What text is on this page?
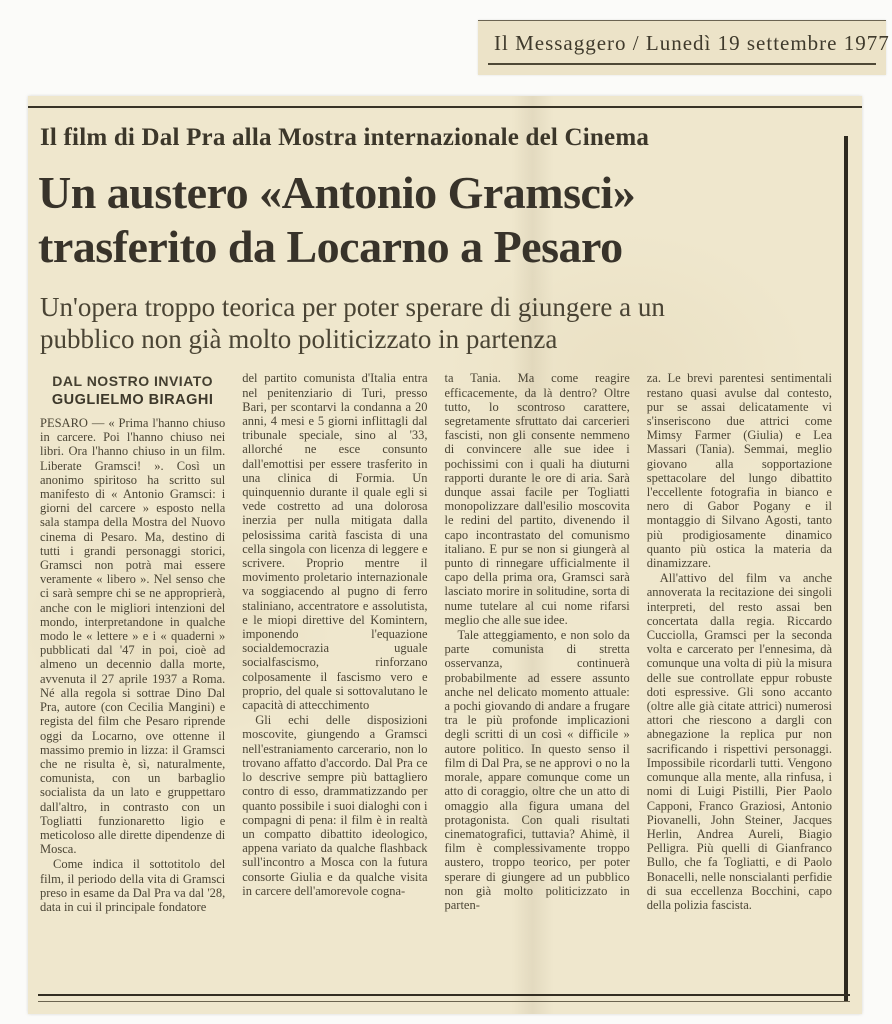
Il Messaggero / Lunedì 19 settembre 1977
Il film di Dal Pra alla Mostra internazionale del Cinema
Un austero «Antonio Gramsci»
trasferito da Locarno a Pesaro
Un'opera troppo teorica per poter sperare di giungere a un pubblico non già molto politicizzato in partenza
DAL NOSTRO INVIATO
GUGLIELMO BIRAGHI

PESARO — « Prima l'hanno chiuso in carcere. Poi l'hanno chiuso nei libri. Ora l'hanno chiuso in un film. Liberate Gramsci! ». Così un anonimo spiritoso ha scritto sul manifesto di « Antonio Gramsci: i giorni del carcere » esposto nella sala stampa della Mostra del Nuovo cinema di Pesaro. Ma, destino di tutti i grandi personaggi storici, Gramsci non potrà mai essere veramente « libero ». Nel senso che ci sarà sempre chi se ne approprierà, anche con le migliori intenzioni del mondo, interpretandone in qualche modo le « lettere » e i « quaderni » pubblicati dal '47 in poi, cioè ad almeno un decennio dalla morte, avvenuta il 27 aprile 1937 a Roma. Né alla regola si sottrae Dino Dal Pra, autore (con Cecilia Mangini) e regista del film che Pesaro riprende oggi da Locarno, ove ottenne il massimo premio in lizza: il Gramsci che ne risulta è, sì, naturalmente, comunista, con un barbaglio socialista da un lato e gruppettaro dall'altro, in contrasto con un Togliatti funzionaretto ligio e meticoloso alle dirette dipendenze di Mosca.

Come indica il sottotitolo del film, il periodo della vita di Gramsci preso in esame da Dal Pra va dal '28, data in cui il principale fondatore

del partito comunista d'Italia entra nel penitenziario di Turi, presso Bari, per scontarvi la condanna a 20 anni, 4 mesi e 5 giorni inflittagli dal tribunale speciale, sino al '33, allorché ne esce consunto dall'emottisi per essere trasferito in una clinica di Formia. Un quinquennio durante il quale egli si vede costretto ad una dolorosa inerzia per nulla mitigata dalla pelosissima carità fascista di una cella singola con licenza di leggere e scrivere. Proprio mentre il movimento proletario internazionale va soggiacendo al pugno di ferro staliniano, accentratore e assolutista, e le miopi direttive del Komintern, imponendo l'equazione socialdemocrazia uguale socialfascismo, rinforzano colposamente il fascismo vero e proprio, del quale si sottovalutano le capacità di attecchimento

Gli echi delle disposizioni moscovite, giungendo a Gramsci nell'estraniamento carcerario, non lo trovano affatto d'accordo. Dal Pra ce lo descrive sempre più battagliero contro di esso, drammatizzando per quanto possibile i suoi dialoghi con i compagni di pena: il film è in realtà un compatto dibattito ideologico, appena variato da qualche flashback sull'incontro a Mosca con la futura consorte Giulia e da qualche visita in carcere dell'amorevole cogna-

ta Tania. Ma come reagire efficacemente, da là dentro? Oltre tutto, lo scontroso carattere, segretamente sfruttato dai carcerieri fascisti, non gli consente nemmeno di convincere alle sue idee i pochissimi con i quali ha diuturni rapporti durante le ore di aria. Sarà dunque assai facile per Togliatti monopolizzare dall'esilio moscovita le redini del partito, divenendo il capo incontrastato del comunismo italiano. E pur se non si giungerà al punto di rinnegare ufficialmente il capo della prima ora, Gramsci sarà lasciato morire in solitudine, sorta di nume tutelare al cui nome rifarsi meglio che alle sue idee.

Tale atteggiamento, e non solo da parte comunista di stretta osservanza, continuerà probabilmente ad essere assunto anche nel delicato momento attuale: a pochi giovando di andare a frugare tra le più profonde implicazioni degli scritti di un così « difficile » autore politico. In questo senso il film di Dal Pra, se ne approvi o no la morale, appare comunque come un atto di coraggio, oltre che un atto di omaggio alla figura umana del protagonista. Con quali risultati cinematografici, tuttavia? Ahimè, il film è complessivamente troppo austero, troppo teorico, per poter sperare di giungere ad un pubblico non già molto politicizzato in parten-

za. Le brevi parentesi sentimentali restano quasi avulse dal contesto, pur se assai delicatamente vi s'inseriscono due attrici come Mimsy Farmer (Giulia) e Lea Massari (Tania). Semmai, meglio giovano alla sopportazione spettacolare del lungo dibattito l'eccellente fotografia in bianco e nero di Gabor Pogany e il montaggio di Silvano Agosti, tanto più prodigiosamente dinamico quanto più ostica la materia da dinamizzare.

All'attivo del film va anche annoverata la recitazione dei singoli interpreti, del resto assai ben concertata dalla regia. Riccardo Cucciolla, Gramsci per la seconda volta e carcerato per l'ennesima, dà comunque una volta di più la misura delle sue controllate eppur robuste doti espressive. Gli sono accanto (oltre alle già citate attrici) numerosi attori che riescono a dargli con abnegazione la replica pur non sacrificando i rispettivi personaggi. Impossibile ricordarli tutti. Vengono comunque alla mente, alla rinfusa, i nomi di Luigi Pistilli, Pier Paolo Capponi, Franco Graziosi, Antonio Piovanelli, John Steiner, Jacques Herlin, Andrea Aureli, Biagio Pelligra. Più quelli di Gianfranco Bullo, che fa Togliatti, e di Paolo Bonacelli, nelle nonscialanti perfidie di sua eccellenza Bocchini, capo della polizia fascista.
